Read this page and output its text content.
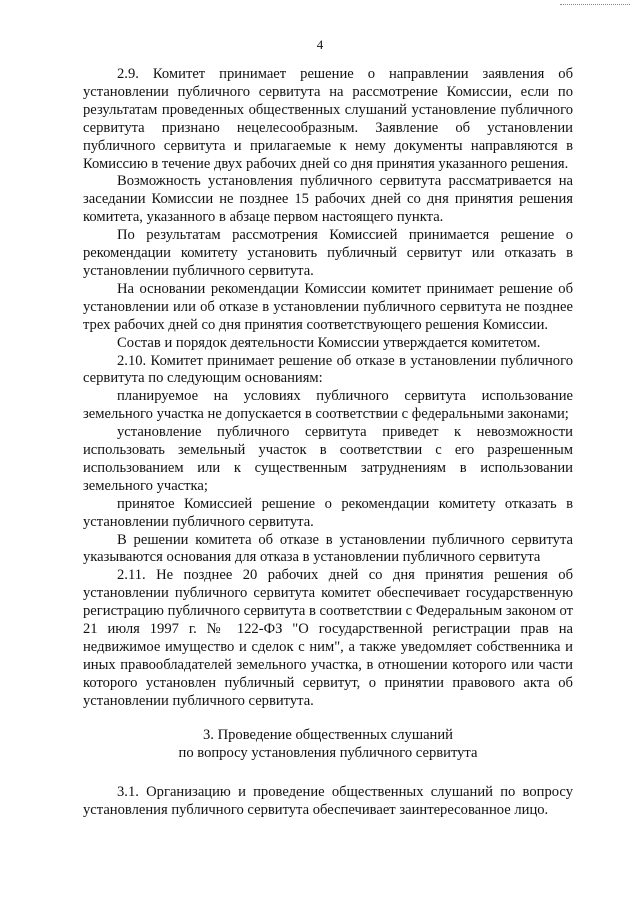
4

2.9. Комитет принимает решение о направлении заявления об установлении публичного сервитута на рассмотрение Комиссии, если по результатам проведенных общественных слушаний установление публичного сервитута признано нецелесообразным. Заявление об установлении публичного сервитута и прилагаемые к нему документы направляются в Комиссию в течение двух рабочих дней со дня принятия указанного решения.

Возможность установления публичного сервитута рассматривается на заседании Комиссии не позднее 15 рабочих дней со дня принятия решения комитета, указанного в абзаце первом настоящего пункта.

По результатам рассмотрения Комиссией принимается решение о рекомендации комитету установить публичный сервитут или отказать в установлении публичного сервитута.

На основании рекомендации Комиссии комитет принимает решение об установлении или об отказе в установлении публичного сервитута не позднее трех рабочих дней со дня принятия соответствующего решения Комиссии.

Состав и порядок деятельности Комиссии утверждается комитетом.

2.10. Комитет принимает решение об отказе в установлении публичного сервитута по следующим основаниям:

планируемое на условиях публичного сервитута использование земельного участка не допускается в соответствии с федеральными законами;

установление публичного сервитута приведет к невозможности использовать земельный участок в соответствии с его разрешенным использованием или к существенным затруднениям в использовании земельного участка;

принятое Комиссией решение о рекомендации комитету отказать в установлении публичного сервитута.

В решении комитета об отказе в установлении публичного сервитута указываются основания для отказа в установлении публичного сервитута

2.11. Не позднее 20 рабочих дней со дня принятия решения об установлении публичного сервитута комитет обеспечивает государственную регистрацию публичного сервитута в соответствии с Федеральным законом от 21 июля 1997 г. № 122-ФЗ "О государственной регистрации прав на недвижимое имущество и сделок с ним", а также уведомляет собственника и иных правообладателей земельного участка, в отношении которого или части которого установлен публичный сервитут, о принятии правового акта об установлении публичного сервитута.

3. Проведение общественных слушаний
по вопросу установления публичного сервитута

3.1. Организацию и проведение общественных слушаний по вопросу установления публичного сервитута обеспечивает заинтересованное лицо.
